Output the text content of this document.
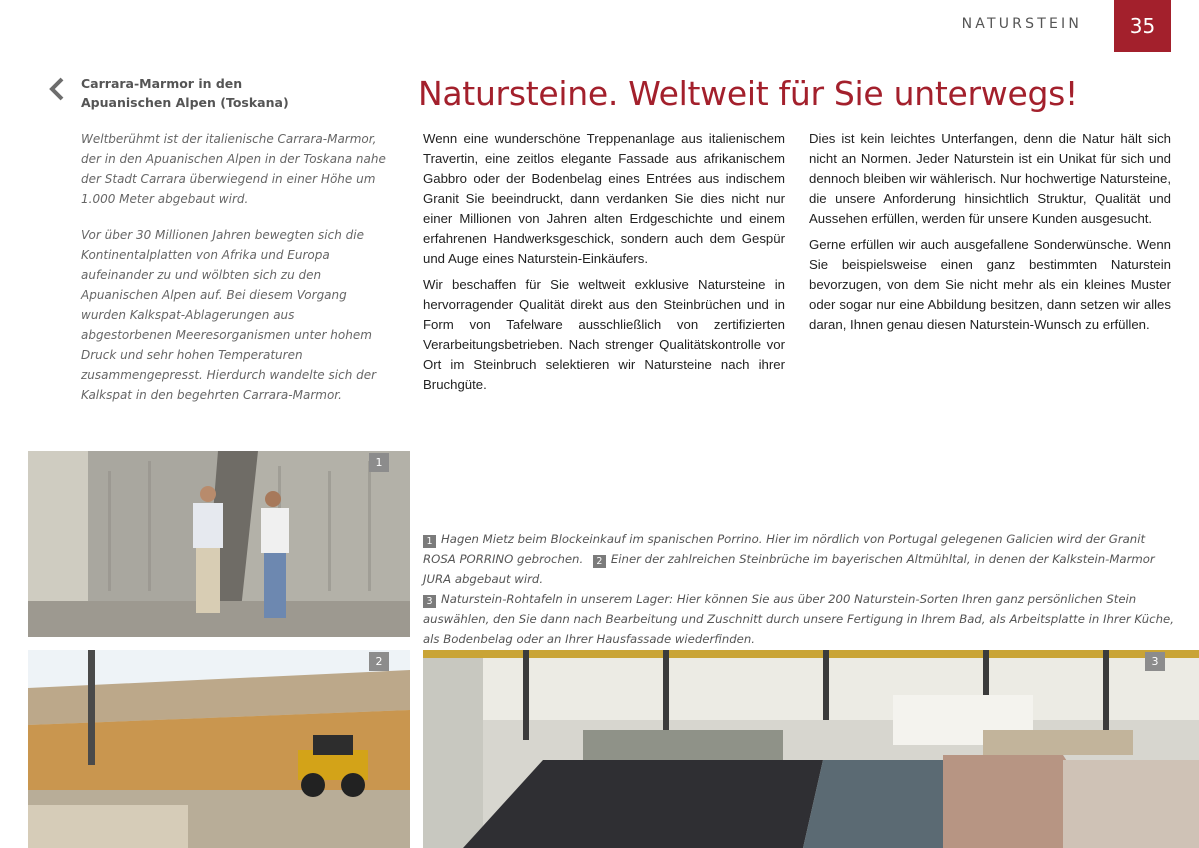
NATURSTEIN 35
Carrara-Marmor in den
Apuanischen Alpen (Toskana)

Weltberühmt ist der italienische Carrara-Marmor, der in den Apuanischen Alpen in der Toskana nahe der Stadt Carrara überwiegend in einer Höhe um 1.000 Meter abgebaut wird.

Vor über 30 Millionen Jahren bewegten sich die Kontinentalplatten von Afrika und Europa aufeinander zu und wölbten sich zu den Apuanischen Alpen auf. Bei diesem Vorgang wurden Kalkspat-Ablagerungen aus abgestorbenen Meeresorganismen unter hohem Druck und sehr hohen Temperaturen zusammengepresst. Hierdurch wandelte sich der Kalkspat in den begehrten Carrara-Marmor.

Natursteine. Weltweit für Sie unterwegs!

Wenn eine wunderschöne Treppenanlage aus italienischem Travertin, eine zeitlos elegante Fassade aus afrikanischem Gabbro oder der Bodenbelag eines Entrées aus indischem Granit Sie beeindruckt, dann verdanken Sie dies nicht nur einer Millionen von Jahren alten Erdgeschichte und einem erfahrenen Handwerksgeschick, sondern auch dem Gespür und Auge eines Naturstein-Einkäufers.

Wir beschaffen für Sie weltweit exklusive Natursteine in hervorragender Qualität direkt aus den Steinbrüchen und in Form von Tafelware ausschließlich von zertifizierten Verarbeitungsbetrieben. Nach strenger Qualitätskontrolle vor Ort im Steinbruch selektieren wir Natursteine nach ihrer Bruchgüte.

Dies ist kein leichtes Unterfangen, denn die Natur hält sich nicht an Normen. Jeder Naturstein ist ein Unikat für sich und dennoch bleiben wir wählerisch. Nur hochwertige Natursteine, die unsere Anforderung hinsichtlich Struktur, Qualität und Aussehen erfüllen, werden für unsere Kunden ausgesucht.

Gerne erfüllen wir auch ausgefallene Sonderwünsche. Wenn Sie beispielsweise einen ganz bestimmten Naturstein bevorzugen, von dem Sie nicht mehr als ein kleines Muster oder sogar nur eine Abbildung besitzen, dann setzen wir alles daran, Ihnen genau diesen Naturstein-Wunsch zu erfüllen.

1
2	3

1 Hagen Mietz beim Blockeinkauf im spanischen Porrino. Hier im nördlich von Portugal gelegenen Galicien wird der Granit ROSA PORRINO gebrochen. 2 Einer der zahlreichen Steinbrüche im bayerischen Altmühltal, in denen der Kalkstein-Marmor JURA abgebaut wird.
3 Naturstein-Rohtafeln in unserem Lager: Hier können Sie aus über 200 Naturstein-Sorten Ihren ganz persönlichen Stein auswählen, den Sie dann nach Bearbeitung und Zuschnitt durch unsere Fertigung in Ihrem Bad, als Arbeitsplatte in Ihrer Küche, als Bodenbelag oder an Ihrer Hausfassade wiederfinden.
